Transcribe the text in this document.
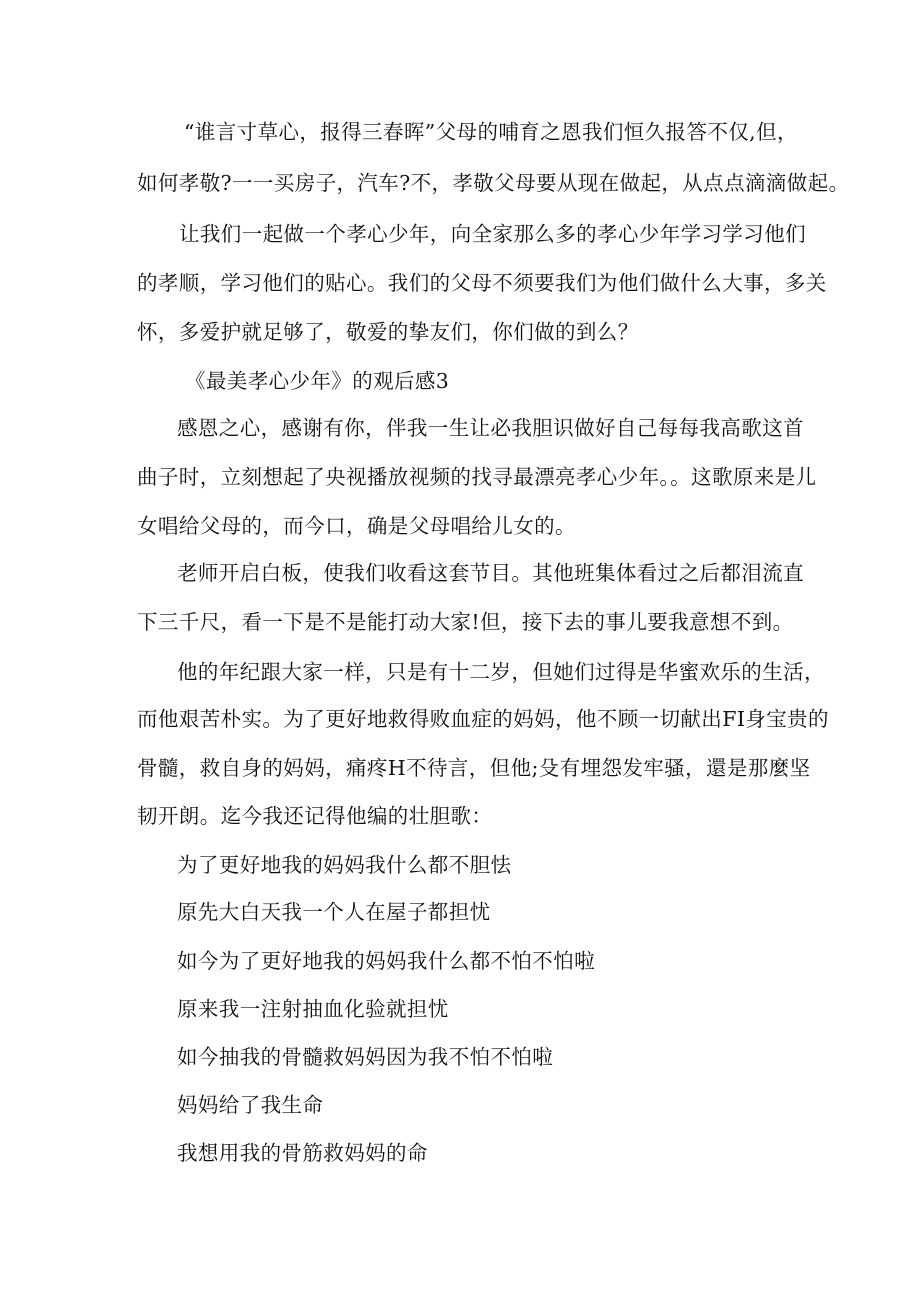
“谁言寸草心，报得三春晖”父母的哺育之恩我们恒久报答不仅,但，
如何孝敬?一一买房子，汽车?不，孝敬父母要从现在做起，从点点滴滴做起。
让我们一起做一个孝心少年，向全家那么多的孝心少年学习学习他们
的孝顺，学习他们的贴心。我们的父母不须要我们为他们做什么大事，多关
怀，多爱护就足够了，敬爱的挚友们，你们做的到么？
《最美孝心少年》的观后感3
感恩之心，感谢有你，伴我一生让必我胆识做好自己每每我高歌这首
曲子时，立刻想起了央视播放视频的找寻最漂亮孝心少年。。这歌原来是儿
女唱给父母的，而今口，确是父母唱给儿女的。
老师开启白板，使我们收看这套节目。其他班集体看过之后都泪流直
下三千尺，看一下是不是能打动大家!但，接下去的事儿要我意想不到。
他的年纪跟大家一样，只是有十二岁，但她们过得是华蜜欢乐的生活，
而他艰苦朴实。为了更好地救得败血症的妈妈，他不顾一切献出FI身宝贵的
骨髓，救自身的妈妈，痛疼H不待言，但他;殳有埋怨发牢骚，還是那麼坚
韧开朗。迄今我还记得他编的壮胆歌：
为了更好地我的妈妈我什么都不胆怯
原先大白天我一个人在屋子都担忧
如今为了更好地我的妈妈我什么都不怕不怕啦
原来我一注射抽血化验就担忧
如今抽我的骨髓救妈妈因为我不怕不怕啦
妈妈给了我生命
我想用我的骨筋救妈妈的命
